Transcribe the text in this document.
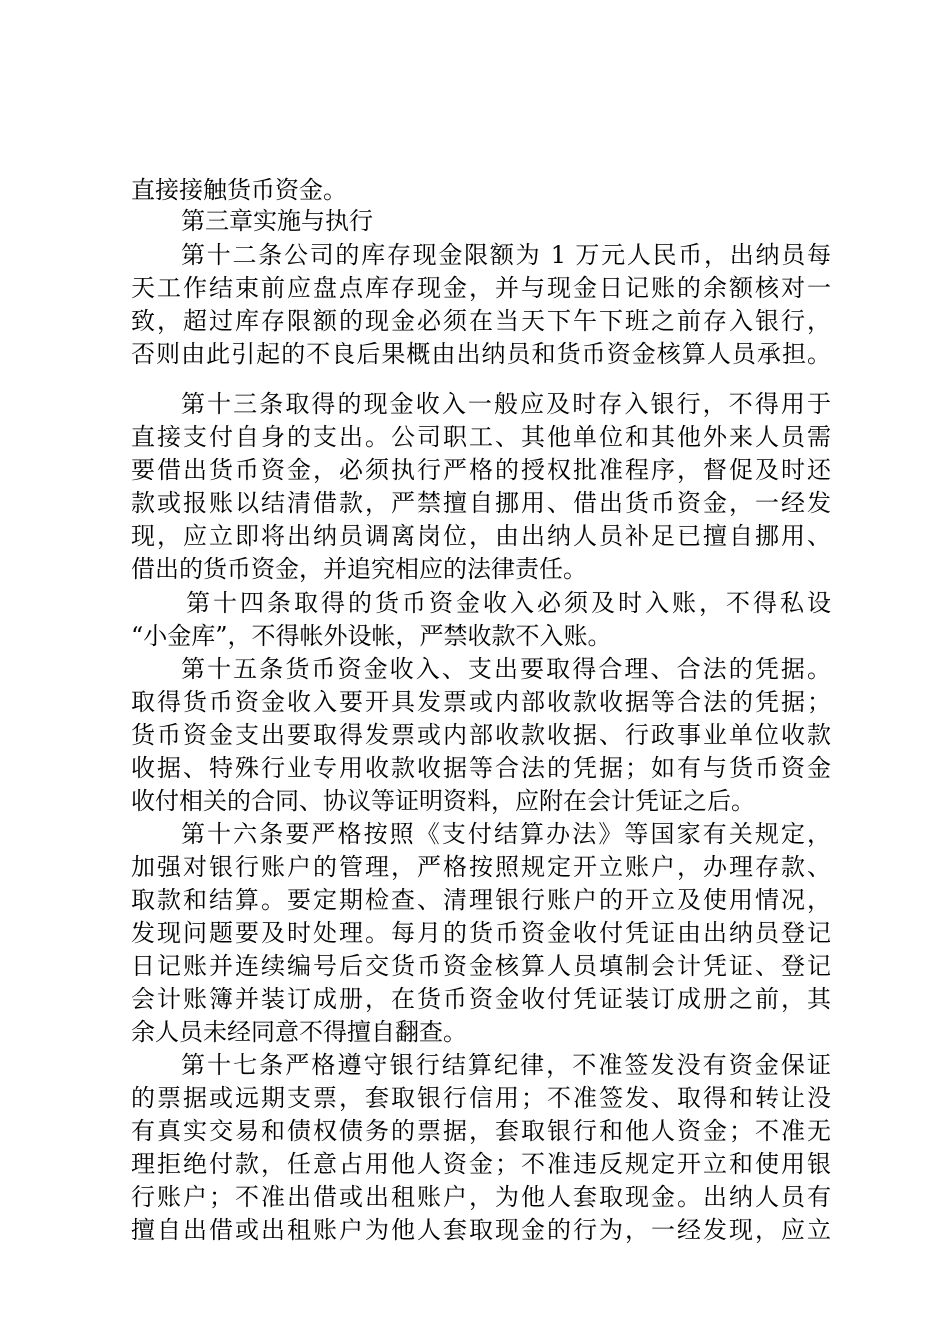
直接接触货币资金。
第三章实施与执行
第十二条公司的库存现金限额为 1 万元人民币，出纳员每
天工作结束前应盘点库存现金，并与现金日记账的余额核对一
致，超过库存限额的现金必须在当天下午下班之前存入银行，
否则由此引起的不良后果概由出纳员和货币资金核算人员承担。
第十三条取得的现金收入一般应及时存入银行，不得用于
直接支付自身的支出。公司职工、其他单位和其他外来人员需
要借出货币资金，必须执行严格的授权批准程序，督促及时还
款或报账以结清借款，严禁擅自挪用、借出货币资金，一经发
现，应立即将出纳员调离岗位，由出纳人员补足已擅自挪用、
借出的货币资金，并追究相应的法律责任。
第十四条取得的货币资金收入必须及时入账，不得私设
“小金库”，不得帐外设帐，严禁收款不入账。
第十五条货币资金收入、支出要取得合理、合法的凭据。
取得货币资金收入要开具发票或内部收款收据等合法的凭据；
货币资金支出要取得发票或内部收款收据、行政事业单位收款
收据、特殊行业专用收款收据等合法的凭据；如有与货币资金
收付相关的合同、协议等证明资料，应附在会计凭证之后。
第十六条要严格按照《支付结算办法》等国家有关规定，
加强对银行账户的管理，严格按照规定开立账户，办理存款、
取款和结算。要定期检查、清理银行账户的开立及使用情况，
发现问题要及时处理。每月的货币资金收付凭证由出纳员登记
日记账并连续编号后交货币资金核算人员填制会计凭证、登记
会计账簿并装订成册，在货币资金收付凭证装订成册之前，其
余人员未经同意不得擅自翻查。
第十七条严格遵守银行结算纪律，不准签发没有资金保证
的票据或远期支票，套取银行信用；不准签发、取得和转让没
有真实交易和债权债务的票据，套取银行和他人资金；不准无
理拒绝付款，任意占用他人资金；不准违反规定开立和使用银
行账户；不准出借或出租账户，为他人套取现金。出纳人员有
擅自出借或出租账户为他人套取现金的行为，一经发现，应立
